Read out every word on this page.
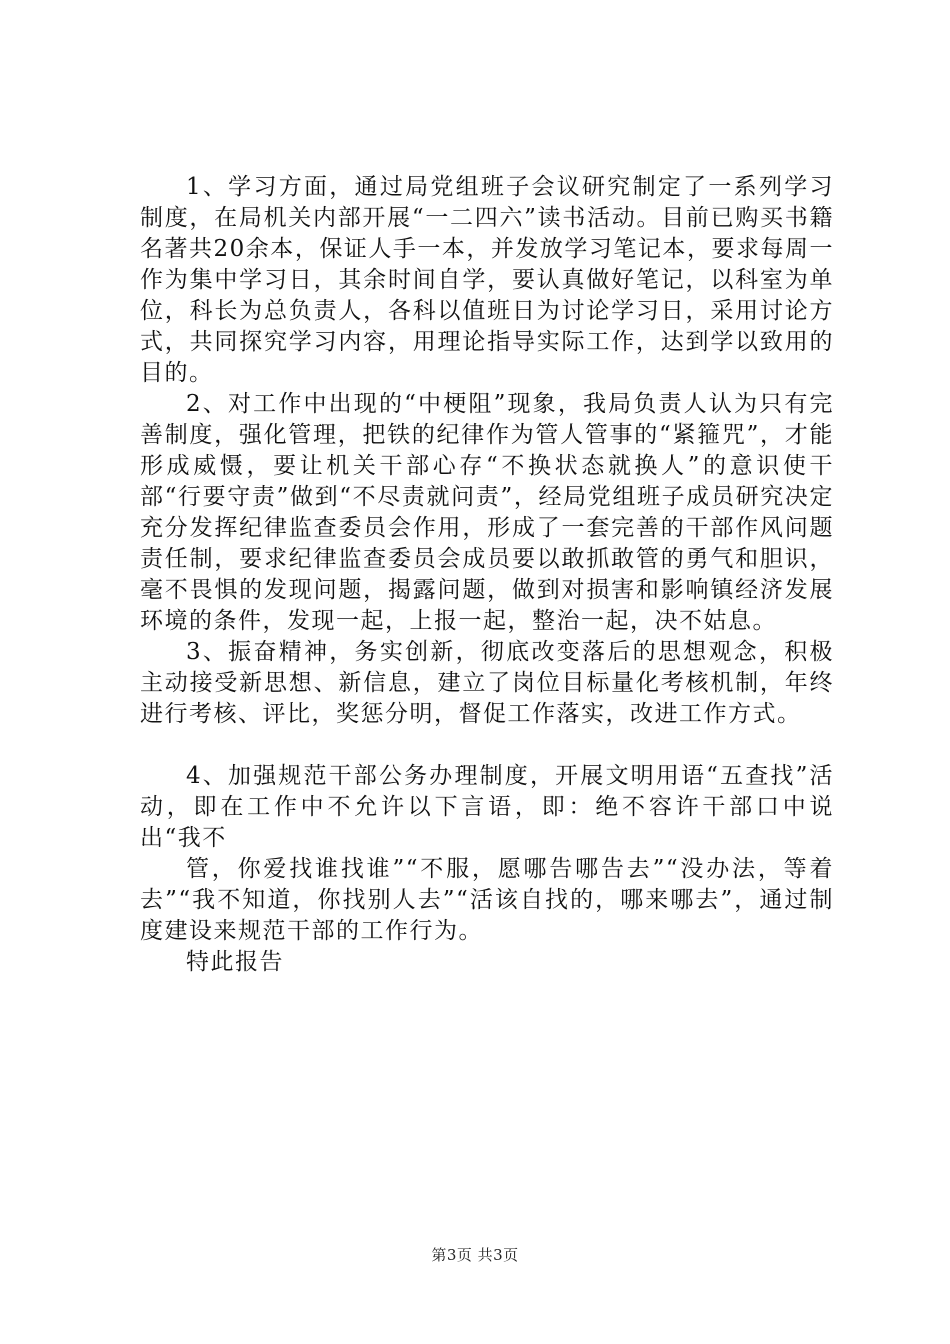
1、学习方面，通过局党组班子会议研究制定了一系列学习制度，在局机关内部开展“一二四六”读书活动。目前已购买书籍名著共20余本，保证人手一本，并发放学习笔记本，要求每周一作为集中学习日，其余时间自学，要认真做好笔记，以科室为单位，科长为总负责人，各科以值班日为讨论学习日，采用讨论方式，共同探究学习内容，用理论指导实际工作，达到学以致用的目的。

2、对工作中出现的“中梗阻”现象，我局负责人认为只有完善制度，强化管理，把铁的纪律作为管人管事的“紧箍咒”，才能形成威慑，要让机关干部心存“不换状态就换人”的意识使干部“行要守责”做到“不尽责就问责”，经局党组班子成员研究决定充分发挥纪律监查委员会作用，形成了一套完善的干部作风问题责任制，要求纪律监查委员会成员要以敢抓敢管的勇气和胆识，毫不畏惧的发现问题，揭露问题，做到对损害和影响镇经济发展环境的条件，发现一起，上报一起，整治一起，决不姑息。

3、振奋精神，务实创新，彻底改变落后的思想观念，积极主动接受新思想、新信息，建立了岗位目标量化考核机制，年终进行考核、评比，奖惩分明，督促工作落实，改进工作方式。

4、加强规范干部公务办理制度，开展文明用语“五查找”活动，即在工作中不允许以下言语，即：绝不容许干部口中说出“我不

管，你爱找谁找谁”“不服，愿哪告哪告去”“没办法，等着去”“我不知道，你找别人去”“活该自找的，哪来哪去”，通过制度建设来规范干部的工作行为。

特此报告

第3页 共3页
